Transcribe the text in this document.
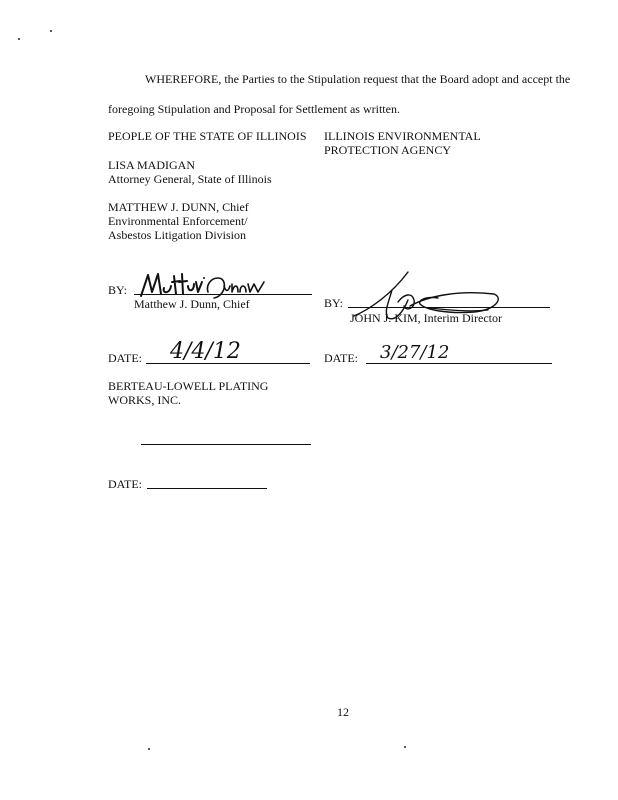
WHEREFORE, the Parties to the Stipulation request that the Board adopt and accept the
foregoing Stipulation and Proposal for Settlement as written.
PEOPLE OF THE STATE OF ILLINOIS
LISA MADIGAN
Attorney General, State of Illinois
MATTHEW J. DUNN, Chief
Environmental Enforcement/
Asbestos Litigation Division
ILLINOIS ENVIRONMENTAL
PROTECTION AGENCY
BY:
Matthew J. Dunn, Chief	BY:
JOHN J. KIM, Interim Director
DATE: 4/4/12	DATE: 3/27/12
BERTEAU-LOWELL PLATING
WORKS, INC.
DATE:
12
